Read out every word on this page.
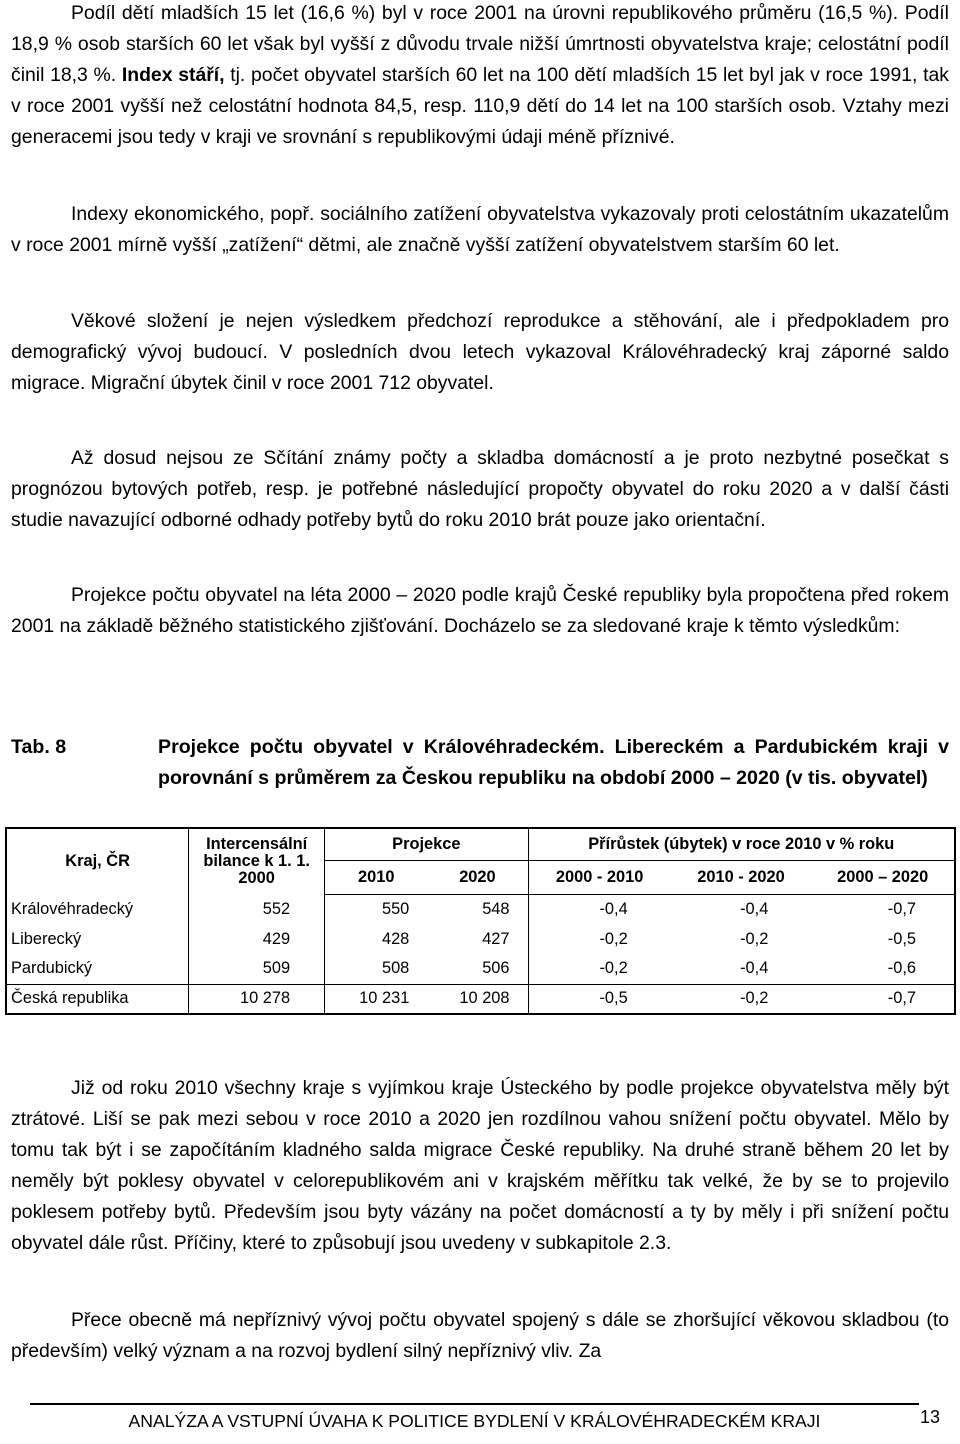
Podíl dětí mladších 15 let (16,6 %) byl v roce 2001 na úrovni republikového průměru (16,5 %). Podíl 18,9 % osob starších 60 let však byl vyšší z důvodu trvale nižší úmrtnosti obyvatelstva kraje; celostátní podíl činil 18,3 %. Index stáří, tj. počet obyvatel starších 60 let na 100 dětí mladších 15 let byl jak v roce 1991, tak v roce 2001 vyšší než celostátní hodnota 84,5, resp. 110,9 dětí do 14 let na 100 starších osob. Vztahy mezi generacemi jsou tedy v kraji ve srovnání s republikovými údaji méně příznivé.

Indexy ekonomického, popř. sociálního zatížení obyvatelstva vykazovaly proti celostátním ukazatelům v roce 2001 mírně vyšší „zatížení“ dětmi, ale značně vyšší zatížení obyvatelstvem starším 60 let.

Věkové složení je nejen výsledkem předchozí reprodukce a stěhování, ale i předpokladem pro demografický vývoj budoucí. V posledních dvou letech vykazoval Královéhradecký kraj záporné saldo migrace. Migrační úbytek činil v roce 2001 712 obyvatel.

Až dosud nejsou ze Sčítání známy počty a skladba domácností a je proto nezbytné posečkat s prognózou bytových potřeb, resp. je potřebné následující propočty obyvatel do roku 2020 a v další části studie navazující odborné odhady potřeby bytů do roku 2010 brát pouze jako orientační.

Projekce počtu obyvatel na léta 2000 – 2020 podle krajů České republiky byla propočtena před rokem 2001 na základě běžného statistického zjišťování. Docházelo se za sledované kraje k těmto výsledkům:

Tab. 8	Projekce počtu obyvatel v Královéhradeckém. Libereckém a Pardubickém kraji v porovnání s průměrem za Českou republiku na období 2000 – 2020 (v tis. obyvatel)
Kraj, ČR	Intercensální bilance k 1. 1. 2000	Projekce		Přírůstek (úbytek) v roce 2010 v % roku		
		2010	2020	2000 - 2010	2010 - 2020	2000 – 2020
Královéhradecký	552	550	548	-0,4	-0,4	-0,7
Liberecký	429	428	427	-0,2	-0,2	-0,5
Pardubický	509	508	506	-0,2	-0,4	-0,6
Česká republika	10 278	10 231	10 208	-0,5	-0,2	-0,7

Již od roku 2010 všechny kraje s vyjímkou kraje Ústeckého by podle projekce obyvatelstva měly být ztrátové. Liší se pak mezi sebou v roce 2010 a 2020 jen rozdílnou vahou snížení počtu obyvatel. Mělo by tomu tak být i se započítáním kladného salda migrace České republiky. Na druhé straně během 20 let by neměly být poklesy obyvatel v celorepublikovém ani v krajském měřítku tak velké, že by se to projevilo poklesem potřeby bytů. Především jsou byty vázány na počet domácností a ty by měly i při snížení počtu obyvatel dále růst. Příčiny, které to způsobují jsou uvedeny v subkapitole 2.3.

Přece obecně má nepříznivý vývoj počtu obyvatel spojený s dále se zhoršující věkovou skladbou (to především) velký význam a na rozvoj bydlení silný nepříznivý vliv. Za

ANALÝZA A VSTUPNÍ ÚVAHA K POLITICE BYDLENÍ V KRÁLOVÉHRADECKÉM KRAJI	13
